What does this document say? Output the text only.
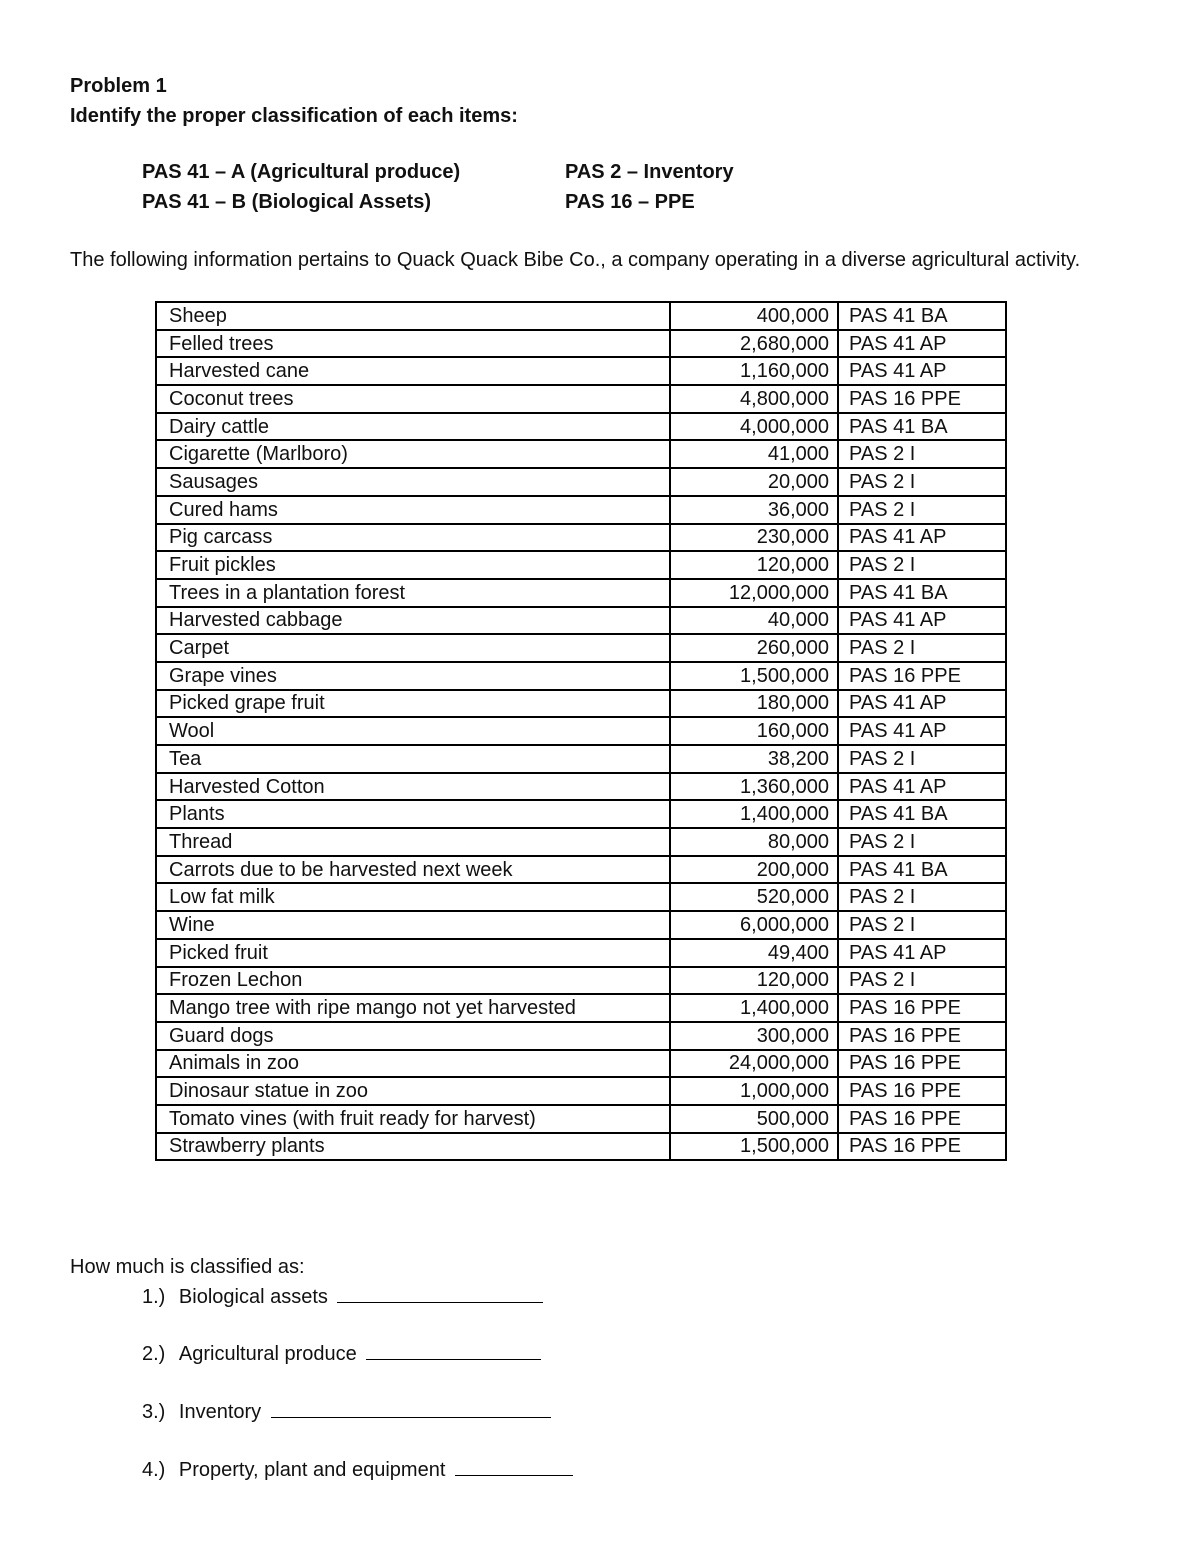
Problem 1
Identify the proper classification of each items:
PAS 41 – A (Agricultural produce)
PAS 41 – B (Biological Assets)
PAS 2 – Inventory
PAS 16 – PPE
The following information pertains to Quack Quack Bibe Co., a company operating in a diverse agricultural activity.
Sheep	400,000	PAS 41 BA
Felled trees	2,680,000	PAS 41 AP
Harvested cane	1,160,000	PAS 41 AP
Coconut trees	4,800,000	PAS 16 PPE
Dairy cattle	4,000,000	PAS 41 BA
Cigarette (Marlboro)	41,000	PAS 2 I
Sausages	20,000	PAS 2 I
Cured hams	36,000	PAS 2 I
Pig carcass	230,000	PAS 41 AP
Fruit pickles	120,000	PAS 2 I
Trees in a plantation forest	12,000,000	PAS 41 BA
Harvested cabbage	40,000	PAS 41 AP
Carpet	260,000	PAS 2 I
Grape vines	1,500,000	PAS 16 PPE
Picked grape fruit	180,000	PAS 41 AP
Wool	160,000	PAS 41 AP
Tea	38,200	PAS 2 I
Harvested Cotton	1,360,000	PAS 41 AP
Plants	1,400,000	PAS 41 BA
Thread	80,000	PAS 2 I
Carrots due to be harvested next week	200,000	PAS 41 BA
Low fat milk	520,000	PAS 2 I
Wine	6,000,000	PAS 2 I
Picked fruit	49,400	PAS 41 AP
Frozen Lechon	120,000	PAS 2 I
Mango tree with ripe mango not yet harvested	1,400,000	PAS 16 PPE
Guard dogs	300,000	PAS 16 PPE
Animals in zoo	24,000,000	PAS 16 PPE
Dinosaur statue in zoo	1,000,000	PAS 16 PPE
Tomato vines (with fruit ready for harvest)	500,000	PAS 16 PPE
Strawberry plants	1,500,000	PAS 16 PPE
How much is classified as:
1.) Biological assets
2.) Agricultural produce
3.) Inventory
4.) Property, plant and equipment
